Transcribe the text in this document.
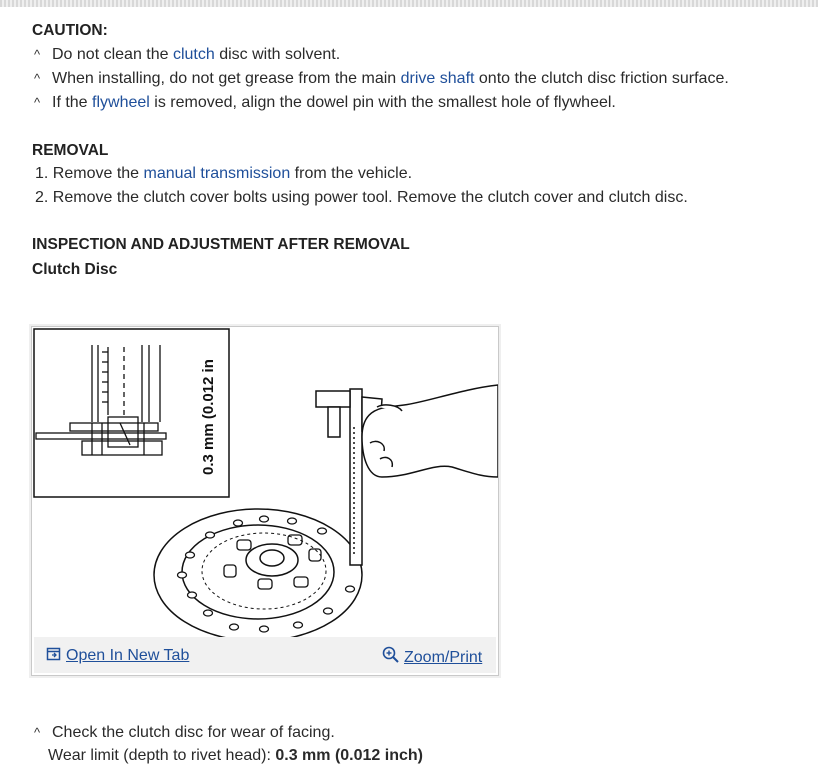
CAUTION:
^ Do not clean the clutch disc with solvent.
^ When installing, do not get grease from the main drive shaft onto the clutch disc friction surface.
^ If the flywheel is removed, align the dowel pin with the smallest hole of flywheel.
REMOVAL
1. Remove the manual transmission from the vehicle.
2. Remove the clutch cover bolts using power tool. Remove the clutch cover and clutch disc.
INSPECTION AND ADJUSTMENT AFTER REMOVAL
Clutch Disc
0.3 mm (0.012 in
Open In New Tab	Zoom/Print
^ Check the clutch disc for wear of facing.
Wear limit (depth to rivet head): 0.3 mm (0.012 inch)
